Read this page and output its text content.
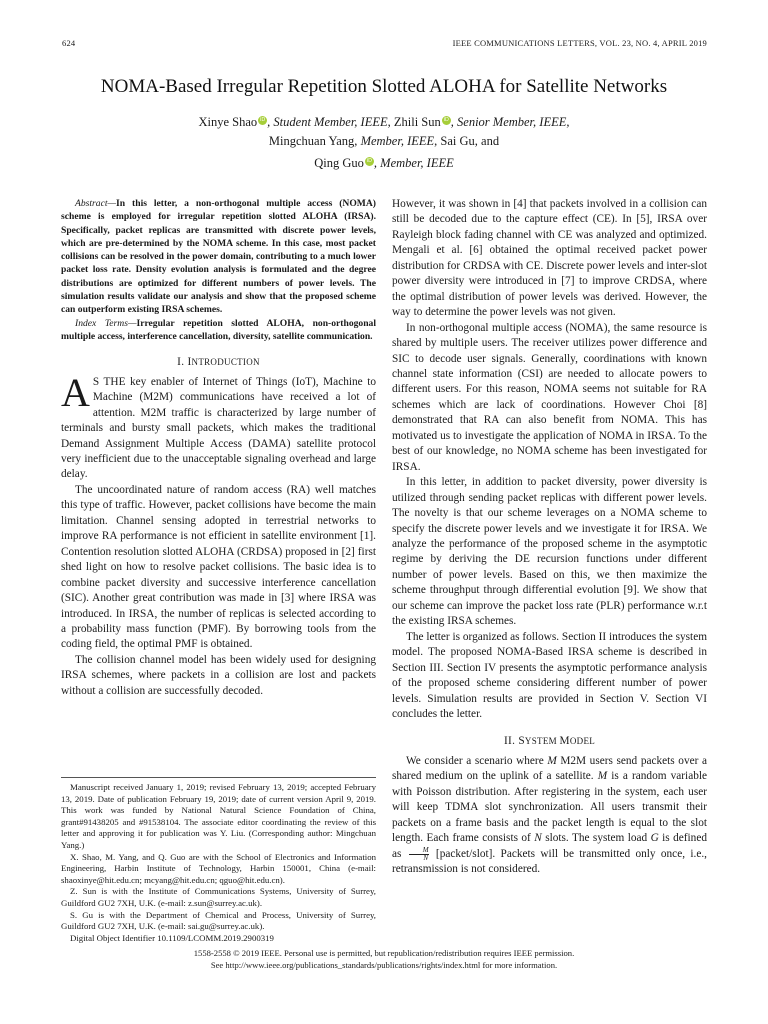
624	IEEE COMMUNICATIONS LETTERS, VOL. 23, NO. 4, APRIL 2019
NOMA-Based Irregular Repetition Slotted ALOHA for Satellite Networks
Xinye Shao iD , Student Member, IEEE, Zhili Sun iD , Senior Member, IEEE,
Mingchuan Yang, Member, IEEE, Sai Gu, and
Qing Guo iD , Member, IEEE

Abstract—In this letter, a non-orthogonal multiple access (NOMA) scheme is employed for irregular repetition slotted ALOHA (IRSA). Specifically, packet replicas are transmitted with discrete power levels, which are pre-determined by the NOMA scheme. In this case, most packet collisions can be resolved in the power domain, contributing to a much lower packet loss rate. Density evolution analysis is formulated and the degree distributions are optimized for different numbers of power levels. The simulation results validate our analysis and show that the proposed scheme can outperform existing IRSA schemes.

Index Terms—Irregular repetition slotted ALOHA, non-orthogonal multiple access, interference cancellation, diversity, satellite communication.

I. INTRODUCTION

A S THE key enabler of Internet of Things (IoT), Machine to Machine (M2M) communications have received a lot of attention. M2M traffic is characterized by large number of terminals and bursty small packets, which makes the traditional Demand Assignment Multiple Access (DAMA) satellite protocol very inefficient due to the unacceptable signaling overhead and large delay.

The uncoordinated nature of random access (RA) well matches this type of traffic. However, packet collisions have become the main limitation. Channel sensing adopted in terrestrial networks to improve RA performance is not efficient in satellite environment [1]. Contention resolution slotted ALOHA (CRDSA) proposed in [2] first shed light on how to resolve packet collisions. The basic idea is to combine packet diversity and successive interference cancellation (SIC). Another great contribution was made in [3] where IRSA was introduced. In IRSA, the number of replicas is selected according to a probability mass function (PMF). By borrowing tools from the coding field, the optimal PMF is obtained.

The collision channel model has been widely used for designing IRSA schemes, where packets in a collision are lost and packets without a collision are successfully decoded.

Manuscript received January 1, 2019; revised February 13, 2019; accepted February 13, 2019. Date of publication February 19, 2019; date of current version April 9, 2019. This work was funded by National Natural Science Foundation of China, grant#91438205 and #91538104. The associate editor coordinating the review of this letter and approving it for publication was Y. Liu. (Corresponding author: Mingchuan Yang.)

X. Shao, M. Yang, and Q. Guo are with the School of Electronics and Information Engineering, Harbin Institute of Technology, Harbin 150001, China (e-mail: shaoxinye@hit.edu.cn; mcyang@hit.edu.cn; qguo@hit.edu.cn).

Z. Sun is with the Institute of Communications Systems, University of Surrey, Guildford GU2 7XH, U.K. (e-mail: z.sun@surrey.ac.uk).

S. Gu is with the Department of Chemical and Process, University of Surrey, Guildford GU2 7XH, U.K. (e-mail: sai.gu@surrey.ac.uk).

Digital Object Identifier 10.1109/LCOMM.2019.2900319

However, it was shown in [4] that packets involved in a collision can still be decoded due to the capture effect (CE). In [5], IRSA over Rayleigh block fading channel with CE was analyzed and optimized. Mengali et al. [6] obtained the optimal received packet power distribution for CRDSA with CE. Discrete power levels and inter-slot power diversity were introduced in [7] to improve CRDSA, where the optimal distribution of power levels was derived. However, the way to determine the power levels was not given.

In non-orthogonal multiple access (NOMA), the same resource is shared by multiple users. The receiver utilizes power difference and SIC to decode user signals. Generally, coordinations with known channel state information (CSI) are needed to allocate powers to different users. For this reason, NOMA seems not suitable for RA schemes which are lack of coordinations. However Choi [8] demonstrated that RA can also benefit from NOMA. This has motivated us to investigate the application of NOMA in IRSA. To the best of our knowledge, no NOMA scheme has been investigated for IRSA.

In this letter, in addition to packet diversity, power diversity is utilized through sending packet replicas with different power levels. The novelty is that our scheme leverages on a NOMA scheme to specify the discrete power levels and we investigate it for IRSA. We analyze the performance of the proposed scheme in the asymptotic regime by deriving the DE recursion functions under different number of power levels. Based on this, we then maximize the scheme throughput through differential evolution [9]. We show that our scheme can improve the packet loss rate (PLR) performance w.r.t the existing IRSA schemes.

The letter is organized as follows. Section II introduces the system model. The proposed NOMA-Based IRSA scheme is described in Section III. Section IV presents the asymptotic performance analysis of the proposed scheme considering different number of power levels. Simulation results are provided in Section V. Section VI concludes the letter.

II. SYSTEM MODEL

We consider a scenario where M M2M users send packets over a shared medium on the uplink of a satellite. M is a random variable with Poisson distribution. After registering in the system, each user will keep TDMA slot synchronization. All users transmit their packets on a frame basis and the packet length is equal to the slot length. Each frame consists of N slots. The system load G is defined as $\frac{M}{N}$ [packet/slot]. Packets will be transmitted only once, i.e., retransmission is not considered.

1558-2558 © 2019 IEEE. Personal use is permitted, but republication/redistribution requires IEEE permission.
See http://www.ieee.org/publications_standards/publications/rights/index.html for more information.
